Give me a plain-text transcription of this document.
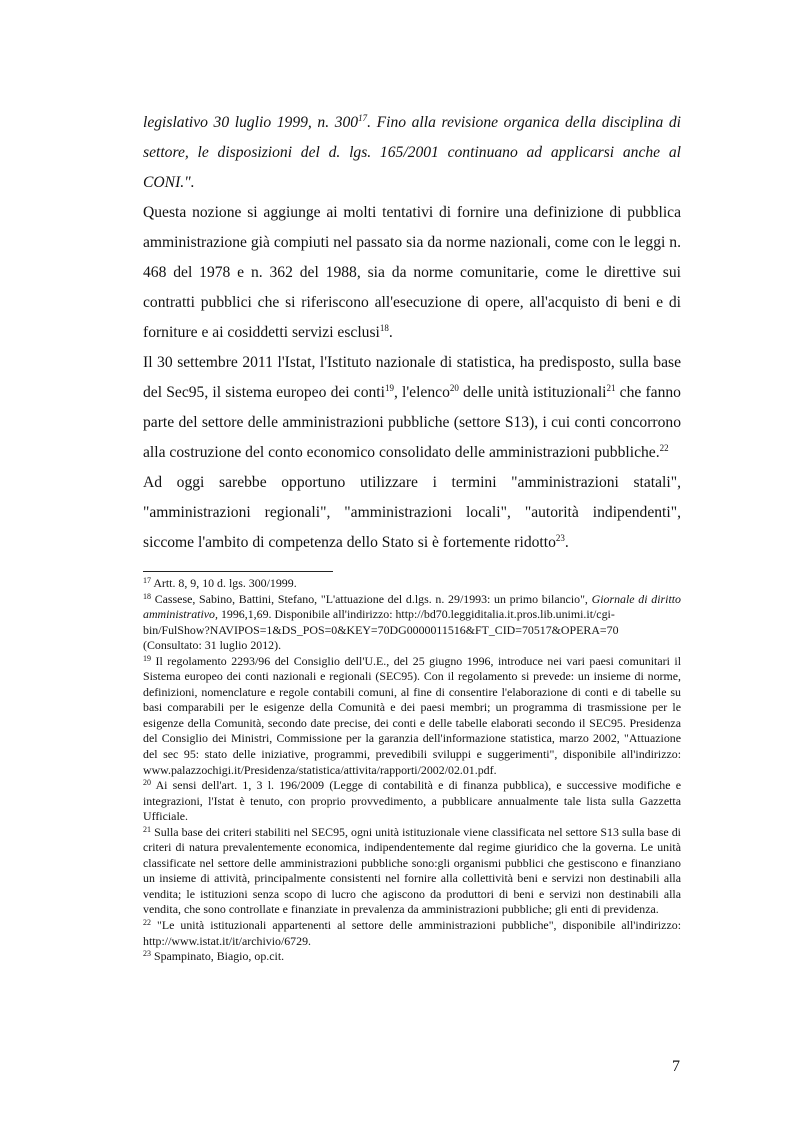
legislativo 30 luglio 1999, n. $300^{17}$. Fino alla revisione organica della disciplina di settore, le disposizioni del d. lgs. 165/2001 continuano ad applicarsi anche al CONI.".

Questa nozione si aggiunge ai molti tentativi di fornire una definizione di pubblica amministrazione già compiuti nel passato sia da norme nazionali, come con le leggi n. 468 del 1978 e n. 362 del 1988, sia da norme comunitarie, come le direttive sui contratti pubblici che si riferiscono all'esecuzione di opere, all'acquisto di beni e di forniture e ai cosiddetti servizi esclusi$^{18}$.

Il 30 settembre 2011 l'Istat, l'Istituto nazionale di statistica, ha predisposto, sulla base del Sec95, il sistema europeo dei conti$^{19}$, l'elenco$^{20}$ delle unità istituzionali$^{21}$ che fanno parte del settore delle amministrazioni pubbliche (settore S13), i cui conti concorrono alla costruzione del conto economico consolidato delle amministrazioni pubbliche.$^{22}$

Ad oggi sarebbe opportuno utilizzare i termini "amministrazioni statali", "amministrazioni regionali", "amministrazioni locali", "autorità indipendenti", siccome l'ambito di competenza dello Stato si è fortemente ridotto$^{23}$.

$^{17}$ Artt. 8, 9, 10 d. lgs. 300/1999.

$^{18}$ Cassese, Sabino, Battini, Stefano, "L'attuazione del d.lgs. n. 29/1993: un primo bilancio", Giornale di diritto amministrativo, 1996,1,69. Disponibile all'indirizzo: http://bd70.leggiditalia.it.pros.lib.unimi.it/cgi-
bin/FulShow?NAVIPOS=1&DS_POS=0&KEY=70DG0000011516&FT_CID=70517&OPERA=70
(Consultato: 31 luglio 2012).

$^{19}$ Il regolamento 2293/96 del Consiglio dell'U.E., del 25 giugno 1996, introduce nei vari paesi comunitari il Sistema europeo dei conti nazionali e regionali (SEC95). Con il regolamento si prevede: un insieme di norme, definizioni, nomenclature e regole contabili comuni, al fine di consentire l'elaborazione di conti e di tabelle su basi comparabili per le esigenze della Comunità e dei paesi membri; un programma di trasmissione per le esigenze della Comunità, secondo date precise, dei conti e delle tabelle elaborati secondo il SEC95. Presidenza del Consiglio dei Ministri, Commissione per la garanzia dell'informazione statistica, marzo 2002, "Attuazione del sec 95: stato delle iniziative, programmi, prevedibili sviluppi e suggerimenti", disponibile all'indirizzo: www.palazzochigi.it/Presidenza/statistica/attivita/rapporti/2002/02.01.pdf.

$^{20}$ Ai sensi dell'art. 1, 3 l. 196/2009 (Legge di contabilità e di finanza pubblica), e successive modifiche e integrazioni, l'Istat è tenuto, con proprio provvedimento, a pubblicare annualmente tale lista sulla Gazzetta Ufficiale.

$^{21}$ Sulla base dei criteri stabiliti nel SEC95, ogni unità istituzionale viene classificata nel settore S13 sulla base di criteri di natura prevalentemente economica, indipendentemente dal regime giuridico che la governa. Le unità classificate nel settore delle amministrazioni pubbliche sono:gli organismi pubblici che gestiscono e finanziano un insieme di attività, principalmente consistenti nel fornire alla collettività beni e servizi non destinabili alla vendita; le istituzioni senza scopo di lucro che agiscono da produttori di beni e servizi non destinabili alla vendita, che sono controllate e finanziate in prevalenza da amministrazioni pubbliche; gli enti di previdenza.

$^{22}$ "Le unità istituzionali appartenenti al settore delle amministrazioni pubbliche", disponibile all'indirizzo: http://www.istat.it/it/archivio/6729.

$^{23}$ Spampinato, Biagio, op.cit.

7
